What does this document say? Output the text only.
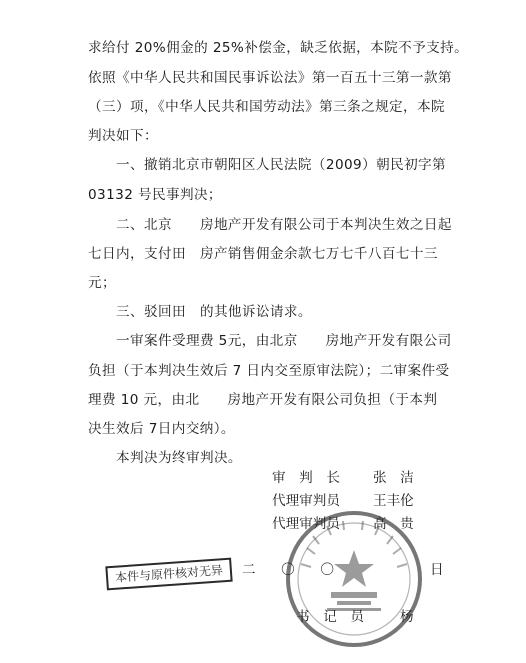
求给付 20%佣金的 25%补偿金，缺乏依据，本院不予支持。
依照《中华人民共和国民事诉讼法》第一百五十三第一款第
（三）项，《中华人民共和国劳动法》第三条之规定，本院
判决如下：
　　一、撤销北京市朝阳区人民法院（2009）朝民初字第
03132 号民事判决；
　　二、北京　　房地产开发有限公司于本判决生效之日起
七日内，支付田　房产销售佣金余款七万七千八百七十三
元；
　　三、驳回田　的其他诉讼请求。
　　一审案件受理费 5元，由北京　　房地产开发有限公司
负担（于本判决生效后 7 日内交至原审法院）；二审案件受
理费 10 元，由北　　房地产开发有限公司负担（于本判
决生效后 7日内交纳）。
　　本判决为终审判决。
审　判　长 张　洁
代理审判员 王丰伦
代理审判员 高　贵
二　〇　〇	日
书　记　员	杨
本件与原件核对无异
